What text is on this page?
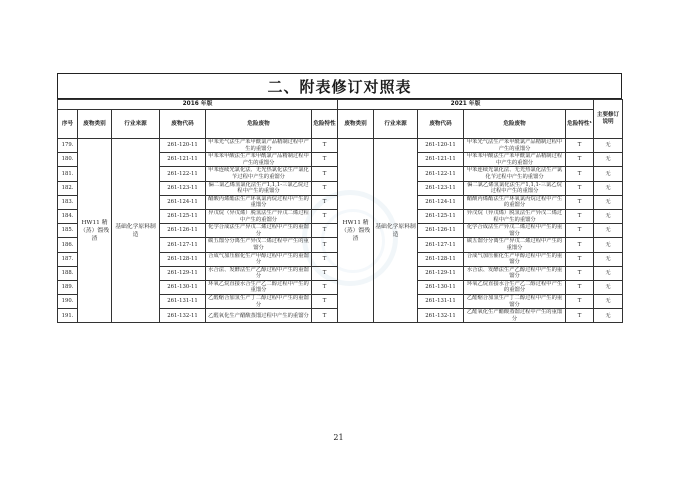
二、附表修订对照表
2016 年版						2021 年版					主要修订说明
序号	废物类别	行业来源	废物代码	危险废物	危险特性	废物类别	行业来源	废物代码	危险废物	危险特性¹	
179.	HW11 精（蒸）馏残渣	基础化学原料制造	261-120-11	甲苯光气法生产苯甲酰氯产品精制过程中产生的重馏分	T	HW11 精（蒸）馏残渣	基础化学原料制造	261-120-11	甲苯光气法生产苯甲酰氯产品精制过程中产生的重馏分	T	无
180.			261-121-11	甲苯苯甲酸法生产苯甲酰氯产品精制过程中产生的重馏分	T			261-121-11	甲苯苯甲酸法生产苯甲酰氯产品精制过程中产生的重馏分	T	无
181.			261-122-11	甲苯连续光氯化法、无光热氯化法生产氯化苄过程中产生的重馏分	T			261-122-11	甲苯连续光氯化法、无光热氯化法生产氯化苄过程中产生的重馏分	T	无
182.			261-123-11	偏二氯乙烯氢氯化法生产1,1,1-三氯乙烷过程中产生的重馏分	T			261-123-11	偏二氯乙烯氢氯化法生产1,1,1-三氯乙烷过程中产生的重馏分	T	无
183.			261-124-11	醋酸丙烯酯法生产环氧氯丙烷过程中产生的重馏分	T			261-124-11	醋酸丙烯酯法生产环氧氯丙烷过程中产生的重馏分	T	无
184.			261-125-11	异戊烷（异戊烯）脱氢法生产异戊二烯过程中产生的重馏分	T			261-125-11	异戊烷（异戊烯）脱氢法生产异戊二烯过程中产生的重馏分	T	无
185.			261-126-11	化学合成法生产异戊二烯过程中产生的重馏分	T			261-126-11	化学合成法生产异戊二烯过程中产生的重馏分	T	无
186.			261-127-11	碳五馏分分离生产异戊二烯过程中产生的重馏分	T			261-127-11	碳五馏分分离生产异戊二烯过程中产生的重馏分	T	无
187.			261-128-11	合成气加压催化生产甲醇过程中产生的重馏分	T			261-128-11	合成气加压催化生产甲醇过程中产生的重馏分	T	无
188.			261-129-11	水合法、发酵法生产乙醇过程中产生的重馏分	T			261-129-11	水合法、发酵法生产乙醇过程中产生的重馏分	T	无
189.			261-130-11	环氧乙烷直接水合生产乙二醇过程中产生的重馏分	T			261-130-11	环氧乙烷直接水合生产乙二醇过程中产生的重馏分	T	无
190.			261-131-11	乙醛缩合加氢生产丁二醇过程中产生的重馏分	T			261-131-11	乙醛缩合加氢生产丁二醇过程中产生的重馏分	T	无
191.			261-132-11	乙醛氧化生产醋酸蒸馏过程中产生的重馏分	T			261-132-11	乙醛氧化生产醋酸蒸馏过程中产生的重馏分	T	无
21
